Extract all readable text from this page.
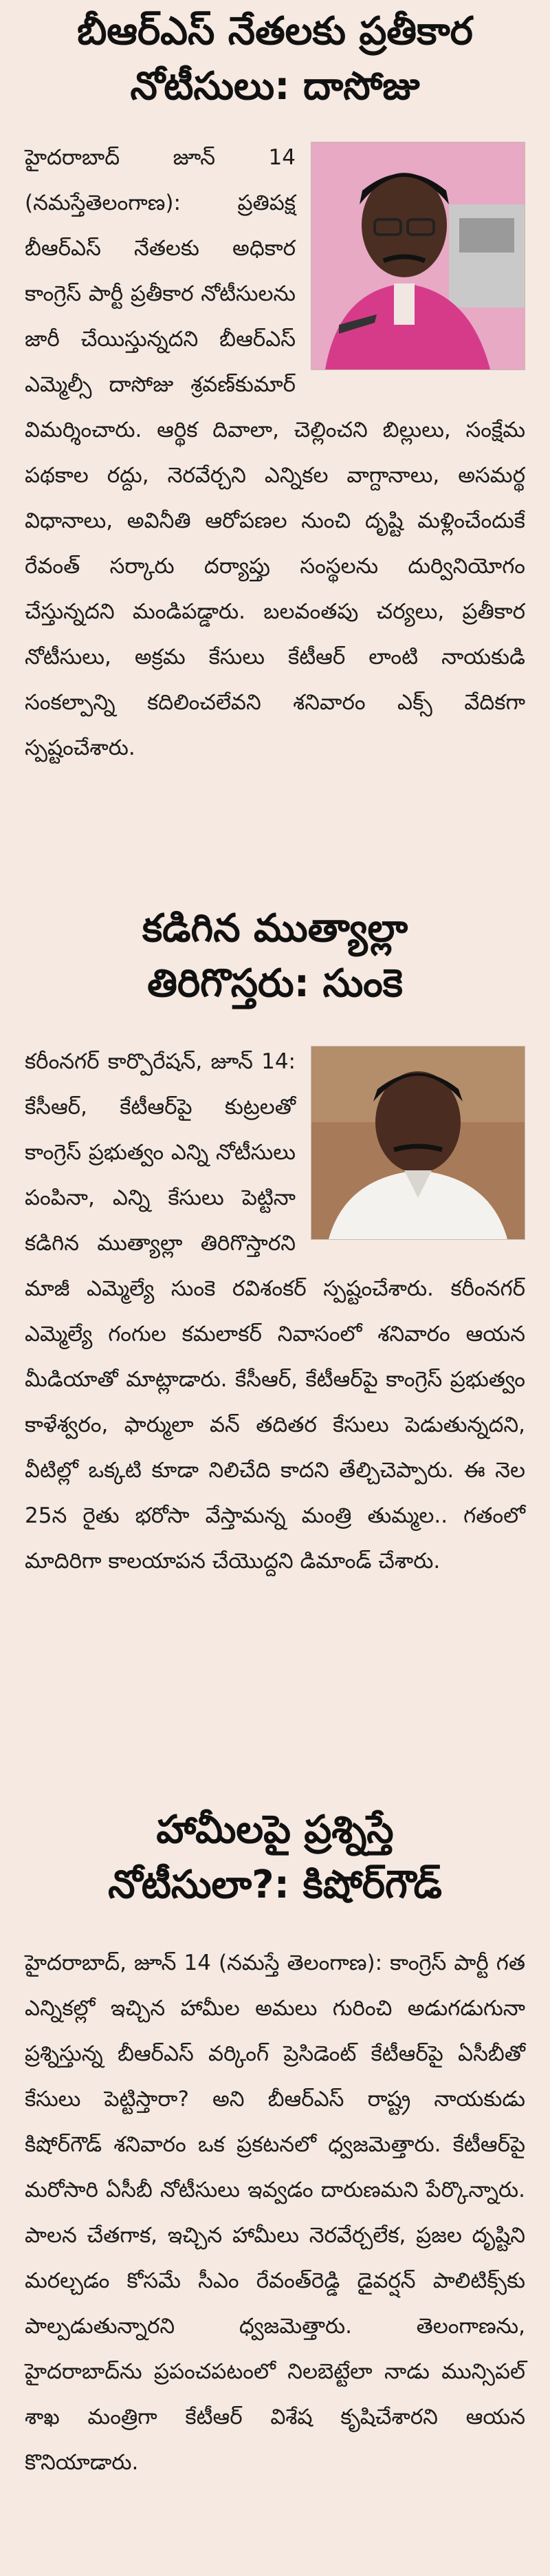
బీఆర్ఎస్ నేతలకు ప్రతీకార
నోటీసులు: దాసోజు
హైదరాబాద్ జూన్ 14 (నమస్తేతెలంగాణ):	ప్రతిపక్ష బీఆర్ఎస్ నేతలకు అధికార కాంగ్రెస్ పార్టీ ప్రతీకార నోటీసులను జారీ చేయిస్తున్నదని బీఆర్ఎస్ ఎమ్మెల్సీ దాసోజు శ్రవణ్‌కుమార్ విమర్శించారు. ఆర్థిక దివాలా, చెల్లించని బిల్లులు, సంక్షేమ పథకాల రద్దు, నెరవేర్చని ఎన్నికల వాగ్దానాలు, అసమర్థ విధానాలు, అవినీతి ఆరోపణల నుంచి దృష్టి మళ్లించేందుకే రేవంత్ సర్కారు దర్యాప్తు సంస్థలను దుర్వినియోగం చేస్తున్నదని మండిపడ్డారు. బలవంతపు చర్యలు, ప్రతీకార నోటీసులు, అక్రమ కేసులు కేటీఆర్ లాంటి నాయకుడి సంకల్పాన్ని కదిలించలేవని శనివారం ఎక్స్ వేదికగా స్పష్టంచేశారు.
కడిగిన ముత్యాల్లా
తిరిగొస్తరు: సుంకె
కరీంనగర్ కార్పొరేషన్, జూన్ 14: కేసీఆర్, కేటీఆర్‌పై కుట్రలతో కాంగ్రెస్ ప్రభుత్వం ఎన్ని నోటీసులు పంపినా, ఎన్ని కేసులు పెట్టినా కడిగిన ముత్యాల్లా తిరిగొస్తారని మాజీ ఎమ్మెల్యే సుంకె రవిశంకర్ స్పష్టంచేశారు. కరీంనగర్ ఎమ్మెల్యే గంగుల కమలాకర్ నివాసంలో శనివారం ఆయన మీడియాతో మాట్లాడారు. కేసీఆర్, కేటీఆర్‌పై కాంగ్రెస్ ప్రభుత్వం కాళేశ్వరం, ఫార్ములా వన్ తదితర కేసులు పెడుతున్నదని, వీటిల్లో ఒక్కటి కూడా నిలిచేది కాదని తేల్చిచెప్పారు. ఈ నెల 25న రైతు భరోసా వేస్తామన్న మంత్రి తుమ్మల.. గతంలో మాదిరిగా కాలయాపన చేయొద్దని డిమాండ్ చేశారు.
హామీలపై ప్రశ్నిస్తే
నోటీసులా?: కిషోర్‌గౌడ్
హైదరాబాద్, జూన్ 14 (నమస్తే తెలంగాణ): కాంగ్రెస్ పార్టీ గత ఎన్నికల్లో ఇచ్చిన హామీల అమలు గురించి అడుగడుగునా ప్రశ్నిస్తున్న బీఆర్ఎస్ వర్కింగ్ ప్రెసిడెంట్ కేటీఆర్‌పై ఏసీబీతో కేసులు పెట్టిస్తారా? అని బీఆర్ఎస్ రాష్ట్ర నాయకుడు కిషోర్‌గౌడ్ శనివారం ఒక ప్రకటనలో ధ్వజమెత్తారు. కేటీఆర్‌పై మరోసారి ఏసీబీ నోటీసులు ఇవ్వడం దారుణమని పేర్కొన్నారు. పాలన చేతగాక, ఇచ్చిన హామీలు నెరవేర్చలేక, ప్రజల దృష్టిని మరల్చడం కోసమే సీఎం రేవంత్‌రెడ్డి డైవర్షన్ పాలిటిక్స్‌కు పాల్పడుతున్నారని ధ్వజమెత్తారు. తెలంగాణను, హైదరాబాద్‌ను ప్రపంచపటంలో నిలబెట్టేలా నాడు మున్సిపల్ శాఖ మంత్రిగా కేటీఆర్ విశేష కృషిచేశారని ఆయన కొనియాడారు.
